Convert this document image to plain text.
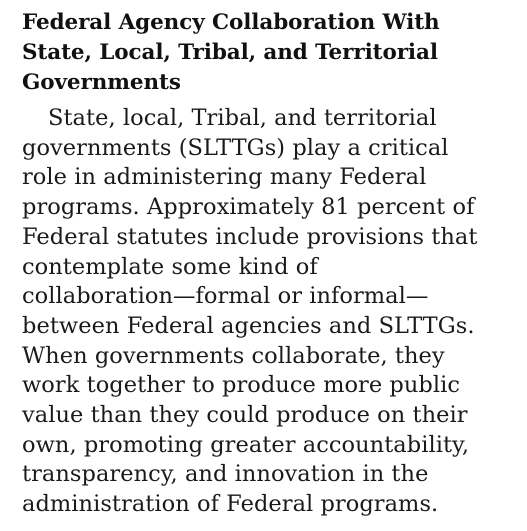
Federal Agency Collaboration With
State, Local, Tribal, and Territorial
Governments

State, local, Tribal, and territorial
governments (SLTTGs) play a critical
role in administering many Federal
programs. Approximately 81 percent of
Federal statutes include provisions that
contemplate some kind of
collaboration—formal or informal—
between Federal agencies and SLTTGs.
When governments collaborate, they
work together to produce more public
value than they could produce on their
own, promoting greater accountability,
transparency, and innovation in the
administration of Federal programs.
